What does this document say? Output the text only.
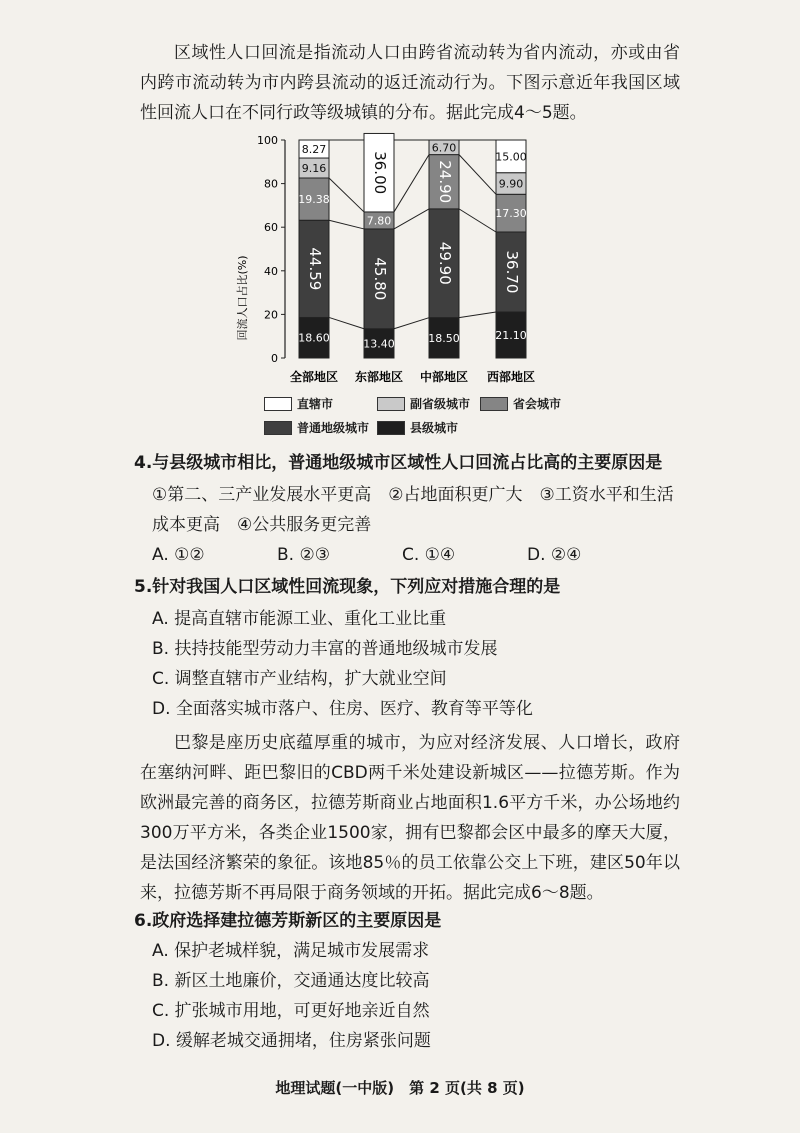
区域性人口回流是指流动人口由跨省流动转为省内流动，亦或由省内跨市流动转为市内跨县流动的返迁流动行为。下图示意近年我国区域性回流人口在不同行政等级城镇的分布。据此完成4～5题。

0
20
40
60
80
100
回流人口占比(%)	18.60
44.59
19.38
9.16
8.27
13.40
45.80
7.80
36.00
18.50
49.90
24.90
6.70
21.10
36.70
17.30
9.90
15.00
全部地区 东部地区 中部地区 西部地区
直辖市	副省级城市	省会城市
普通地级城市	县级城市

4.与县级城市相比，普通地级城市区域性人口回流占比高的主要原因是

①第二、三产业发展水平更高　②占地面积更广大　③工资水平和生活

成本更高　④公共服务更完善

A. ①②	B. ②③	C. ①④	D. ②④

5.针对我国人口区域性回流现象，下列应对措施合理的是

A. 提高直辖市能源工业、重化工业比重

B. 扶持技能型劳动力丰富的普通地级城市发展

C. 调整直辖市产业结构，扩大就业空间

D. 全面落实城市落户、住房、医疗、教育等平等化

巴黎是座历史底蕴厚重的城市，为应对经济发展、人口增长，政府在塞纳河畔、距巴黎旧的CBD两千米处建设新城区——拉德芳斯。作为欧洲最完善的商务区，拉德芳斯商业占地面积1.6平方千米，办公场地约300万平方米，各类企业1500家，拥有巴黎都会区中最多的摩天大厦，是法国经济繁荣的象征。该地85％的员工依靠公交上下班，建区50年以来，拉德芳斯不再局限于商务领域的开拓。据此完成6～8题。

6.政府选择建拉德芳斯新区的主要原因是

A. 保护老城样貌，满足城市发展需求

B. 新区土地廉价，交通通达度比较高

C. 扩张城市用地，可更好地亲近自然

D. 缓解老城交通拥堵，住房紧张问题

地理试题(一中版)　第 2 页(共 8 页)
